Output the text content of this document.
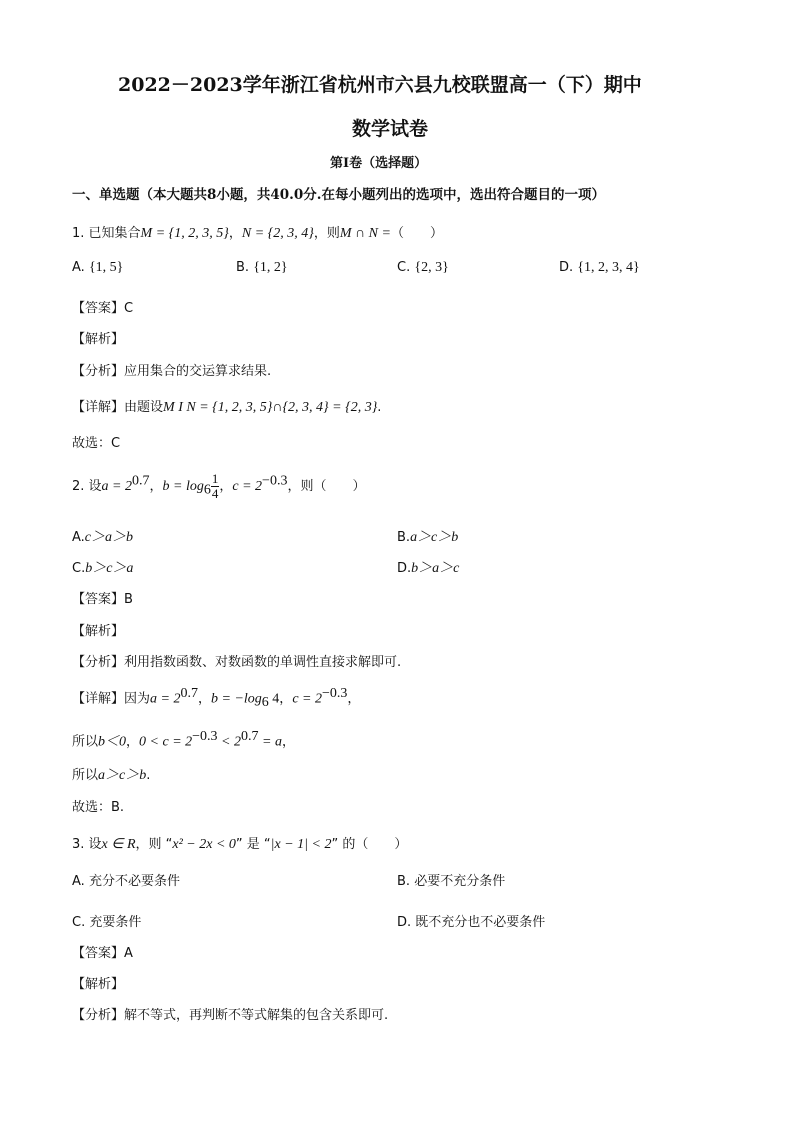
2022－2023学年浙江省杭州市六县九校联盟高一（下）期中
数学试卷
第Ⅰ卷（选择题）
一、单选题（本大题共8小题，共40.0分.在每小题列出的选项中，选出符合题目的一项）
1. 已知集合M = {1, 2, 3, 5}，N = {2, 3, 4}，则M ∩ N =（　　）
A. {1, 5}	B. {1, 2}	C. {2, 3}	D. {1, 2, 3, 4}
【答案】C
【解析】
【分析】应用集合的交运算求结果.
【详解】由题设M I N = {1, 2, 3, 5}∩{2, 3, 4} = {2, 3}.
故选：C
2. 设$a = 2^{0.7}$，$b = \log_6 \frac{1}{4}$ ，$c = 2^{-0.3}$，则（　　）
A.c＞a＞b	B.a＞c＞b
C.b＞c＞a	D.b＞a＞c
【答案】B
【解析】
【分析】利用指数函数、对数函数的单调性直接求解即可.
【详解】因为$a = 2^{0.7}$，$b = -\log_6$ 4，$c = 2^{-0.3}$，
所以b＜0，$0 < c = 2^{-0.3} < 2^{0.7} = a$，
所以a＞c＞b.
故选：B.
3. 设x ∈ R，则 “x² − 2x < 0” 是 “|x − 1| < 2” 的（　　）
A. 充分不必要条件	B. 必要不充分条件
C. 充要条件	D. 既不充分也不必要条件
【答案】A
【解析】
【分析】解不等式，再判断不等式解集的包含关系即可.
